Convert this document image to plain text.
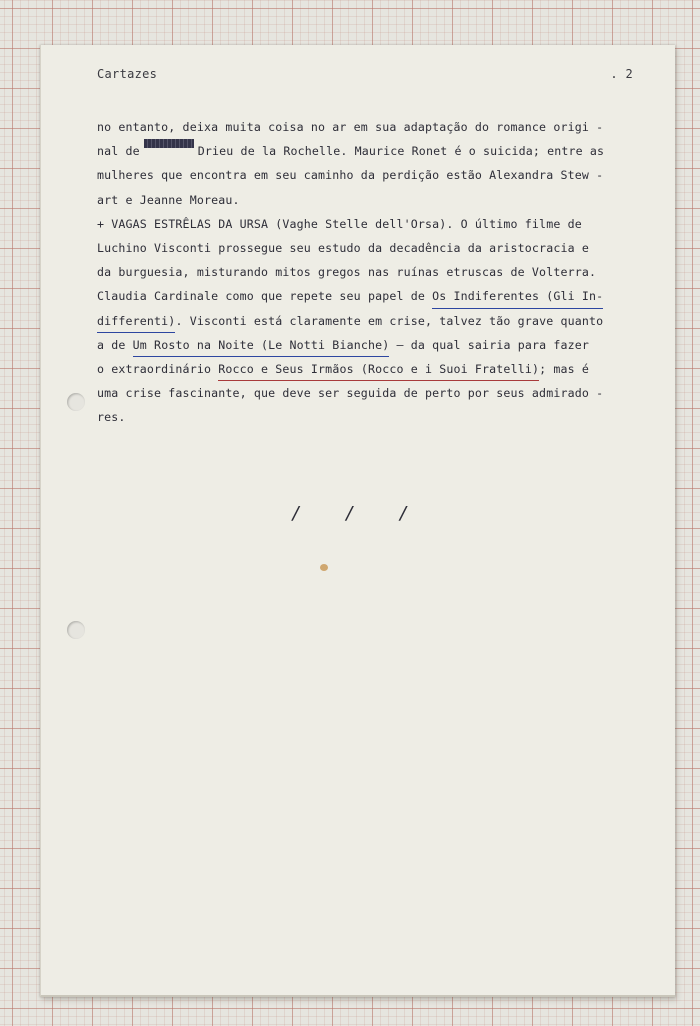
Cartazes	. 2
no entanto, deixa muita coisa no ar em sua adaptação do romance origi -
nal de	Drieu de la Rochelle. Maurice Ronet é o suicida; entre as
mulheres que encontra em seu caminho da perdição estão Alexandra Stew -
art e Jeanne Moreau.
+ VAGAS ESTRÊLAS DA URSA (Vaghe Stelle dell'Orsa). O último filme de
Luchino Visconti prossegue seu estudo da decadência da aristocracia e
da burguesia, misturando mitos gregos nas ruínas etruscas de Volterra.
Claudia Cardinale como que repete seu papel de
Os Indiferentes (Gli In-
differenti) . Visconti está claramente em crise, talvez tão grave quanto
a de
Um Rosto na Noite (Le Notti Bianche)
— da qual sairia para fazer
o extraordinário
Rocco e Seus Irmãos (Rocco e i Suoi Fratelli) ; mas é
uma crise fascinante, que deve ser seguida de perto por seus admirado -
res.
/ / /
